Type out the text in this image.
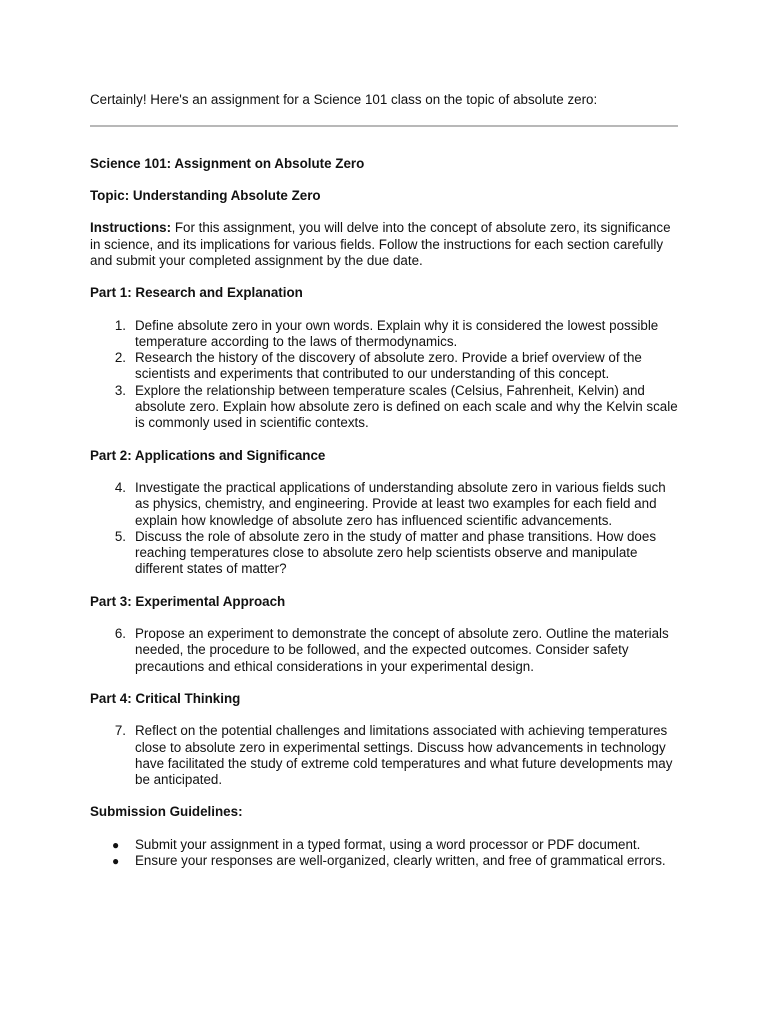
Certainly! Here's an assignment for a Science 101 class on the topic of absolute zero:

Science 101: Assignment on Absolute Zero

Topic: Understanding Absolute Zero

Instructions: For this assignment, you will delve into the concept of absolute zero, its significance in science, and its implications for various fields. Follow the instructions for each section carefully and submit your completed assignment by the due date.

Part 1: Research and Explanation

1. Define absolute zero in your own words. Explain why it is considered the lowest possible temperature according to the laws of thermodynamics.
2. Research the history of the discovery of absolute zero. Provide a brief overview of the scientists and experiments that contributed to our understanding of this concept.
3. Explore the relationship between temperature scales (Celsius, Fahrenheit, Kelvin) and absolute zero. Explain how absolute zero is defined on each scale and why the Kelvin scale is commonly used in scientific contexts.

Part 2: Applications and Significance

4. Investigate the practical applications of understanding absolute zero in various fields such as physics, chemistry, and engineering. Provide at least two examples for each field and explain how knowledge of absolute zero has influenced scientific advancements.
5. Discuss the role of absolute zero in the study of matter and phase transitions. How does reaching temperatures close to absolute zero help scientists observe and manipulate different states of matter?

Part 3: Experimental Approach

6. Propose an experiment to demonstrate the concept of absolute zero. Outline the materials needed, the procedure to be followed, and the expected outcomes. Consider safety precautions and ethical considerations in your experimental design.

Part 4: Critical Thinking

7. Reflect on the potential challenges and limitations associated with achieving temperatures close to absolute zero in experimental settings. Discuss how advancements in technology have facilitated the study of extreme cold temperatures and what future developments may be anticipated.

Submission Guidelines:

● Submit your assignment in a typed format, using a word processor or PDF document.
● Ensure your responses are well-organized, clearly written, and free of grammatical errors.
